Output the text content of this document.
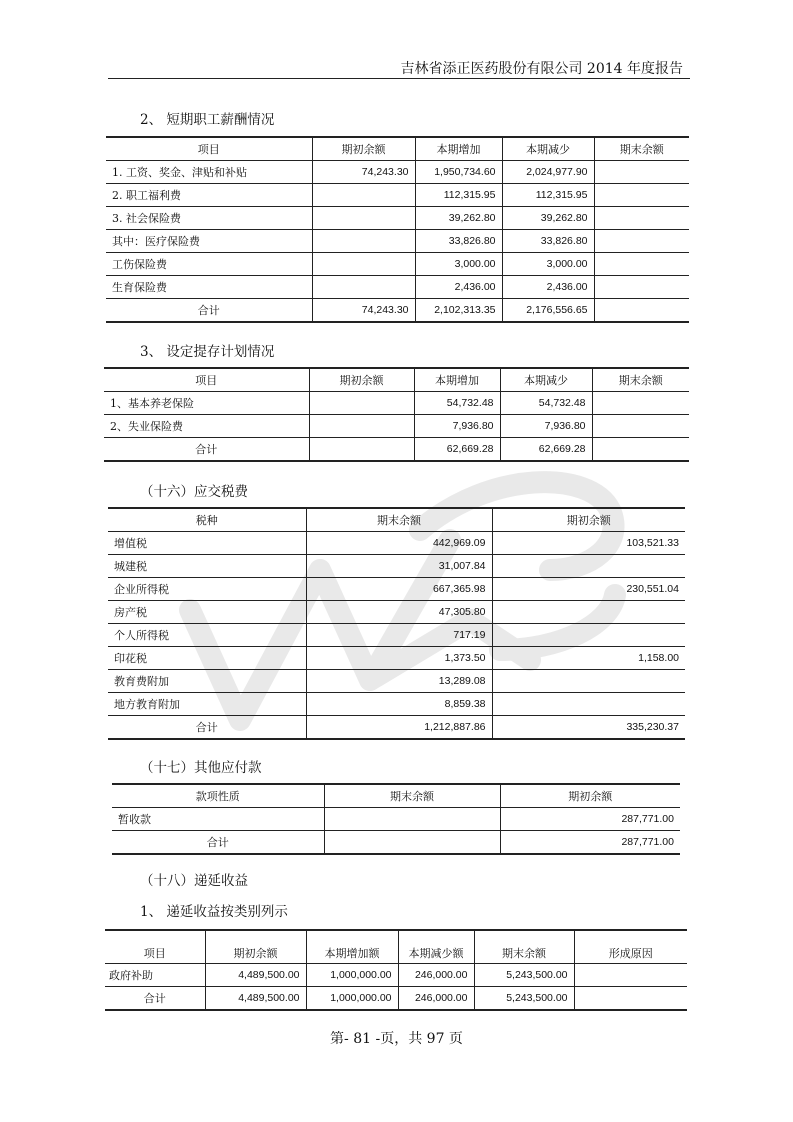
吉林省添正医药股份有限公司 2014 年度报告
2、 短期职工薪酬情况
项目	期初余额	本期增加	本期减少	期末余额
1. 工资、奖金、津贴和补贴	74,243.30	1,950,734.60	2,024,977.90	
2. 职工福利费		112,315.95	112,315.95	
3. 社会保险费		39,262.80	39,262.80	
其中：医疗保险费		33,826.80	33,826.80	
工伤保险费		3,000.00	3,000.00	
生育保险费		2,436.00	2,436.00	
合计	74,243.30	2,102,313.35	2,176,556.65	
3、 设定提存计划情况
项目	期初余额	本期增加	本期减少	期末余额
1、基本养老保险		54,732.48	54,732.48	
2、失业保险费		7,936.80	7,936.80	
合计		62,669.28	62,669.28	
（十六）应交税费
税种	期末余额	期初余额
增值税	442,969.09	103,521.33
城建税	31,007.84	
企业所得税	667,365.98	230,551.04
房产税	47,305.80	
个人所得税	717.19	
印花税	1,373.50	1,158.00
教育费附加	13,289.08	
地方教育附加	8,859.38	
合计	1,212,887.86	335,230.37
（十七）其他应付款
款项性质	期末余额	期初余额
暂收款		287,771.00
合计		287,771.00
（十八）递延收益
1、 递延收益按类别列示
项目	期初余额	本期增加额	本期减少额	期末余额	形成原因
政府补助	4,489,500.00	1,000,000.00	246,000.00	5,243,500.00	
合计	4,489,500.00	1,000,000.00	246,000.00	5,243,500.00	
第- 81 -页，共 97 页
